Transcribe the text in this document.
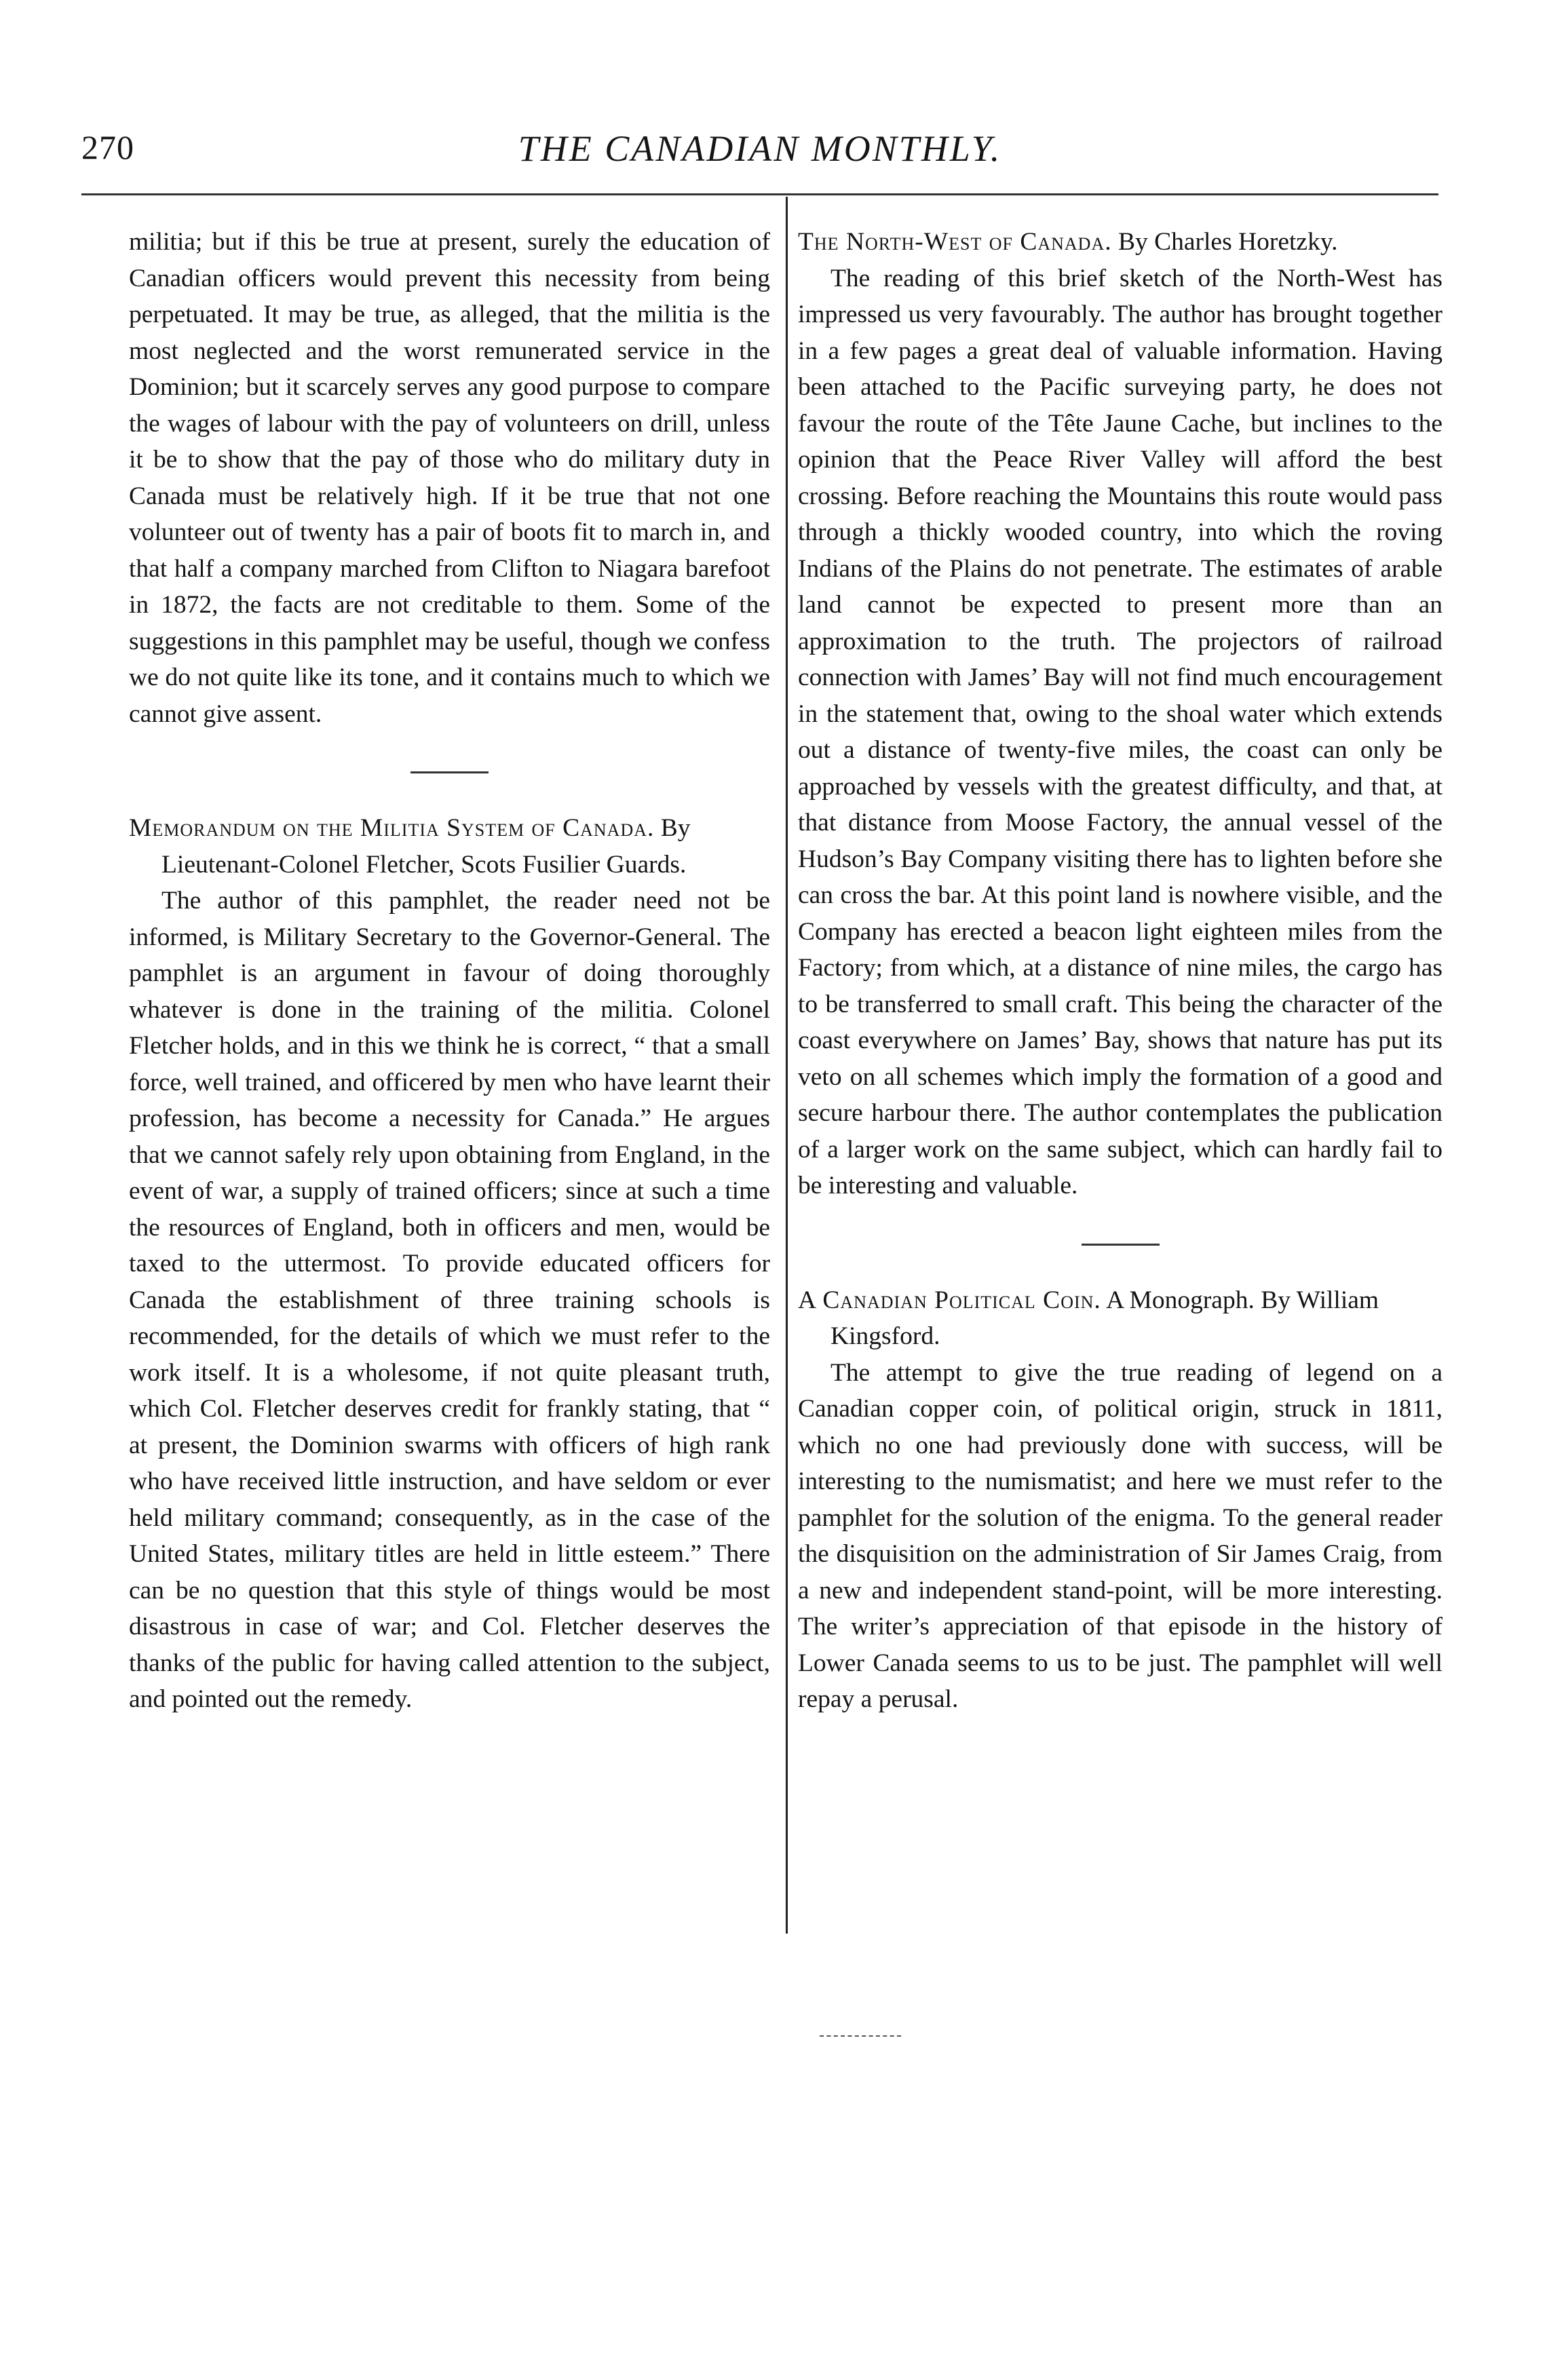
270	THE CANADIAN MONTHLY.

militia; but if this be true at present, surely the education of Canadian officers would prevent this necessity from being perpetuated. It may be true, as alleged, that the militia is the most neglected and the worst remunerated service in the Dominion; but it scarcely serves any good purpose to compare the wages of labour with the pay of volunteers on drill, unless it be to show that the pay of those who do military duty in Canada must be relatively high. If it be true that not one volunteer out of twenty has a pair of boots fit to march in, and that half a company marched from Clifton to Niagara barefoot in 1872, the facts are not creditable to them. Some of the suggestions in this pamphlet may be useful, though we confess we do not quite like its tone, and it contains much to which we cannot give assent.

Memorandum on the Militia System of Canada. By Lieutenant-Colonel Fletcher, Scots Fusilier Guards.

The author of this pamphlet, the reader need not be informed, is Military Secretary to the Governor-General. The pamphlet is an argument in favour of doing thoroughly whatever is done in the training of the militia. Colonel Fletcher holds, and in this we think he is correct, “ that a small force, well trained, and officered by men who have learnt their profession, has become a necessity for Canada.” He argues that we cannot safely rely upon obtaining from England, in the event of war, a supply of trained officers; since at such a time the resources of England, both in officers and men, would be taxed to the uttermost. To provide educated officers for Canada the establishment of three training schools is recommended, for the details of which we must refer to the work itself. It is a wholesome, if not quite pleasant truth, which Col. Fletcher deserves credit for frankly stating, that “ at present, the Dominion swarms with officers of high rank who have received little instruction, and have seldom or ever held military command; consequently, as in the case of the United States, military titles are held in little esteem.” There can be no question that this style of things would be most disastrous in case of war; and Col. Fletcher deserves the thanks of the public for having called attention to the subject, and pointed out the remedy.

The North-West of Canada. By Charles Horetzky.

The reading of this brief sketch of the North-West has impressed us very favourably. The author has brought together in a few pages a great deal of valuable information. Having been attached to the Pacific surveying party, he does not favour the route of the Tête Jaune Cache, but inclines to the opinion that the Peace River Valley will afford the best crossing. Before reaching the Mountains this route would pass through a thickly wooded country, into which the roving Indians of the Plains do not penetrate. The estimates of arable land cannot be expected to present more than an approximation to the truth. The projectors of railroad connection with James’ Bay will not find much encouragement in the statement that, owing to the shoal water which extends out a distance of twenty-five miles, the coast can only be approached by vessels with the greatest difficulty, and that, at that distance from Moose Factory, the annual vessel of the Hudson’s Bay Company visiting there has to lighten before she can cross the bar. At this point land is nowhere visible, and the Company has erected a beacon light eighteen miles from the Factory; from which, at a distance of nine miles, the cargo has to be transferred to small craft. This being the character of the coast everywhere on James’ Bay, shows that nature has put its veto on all schemes which imply the formation of a good and secure harbour there. The author contemplates the publication of a larger work on the same subject, which can hardly fail to be interesting and valuable.

A Canadian Political Coin. A Monograph. By William Kingsford.

The attempt to give the true reading of legend on a Canadian copper coin, of political origin, struck in 1811, which no one had previously done with success, will be interesting to the numismatist; and here we must refer to the pamphlet for the solution of the enigma. To the general reader the disquisition on the administration of Sir James Craig, from a new and independent stand-point, will be more interesting. The writer’s appreciation of that episode in the history of Lower Canada seems to us to be just. The pamphlet will well repay a perusal.
